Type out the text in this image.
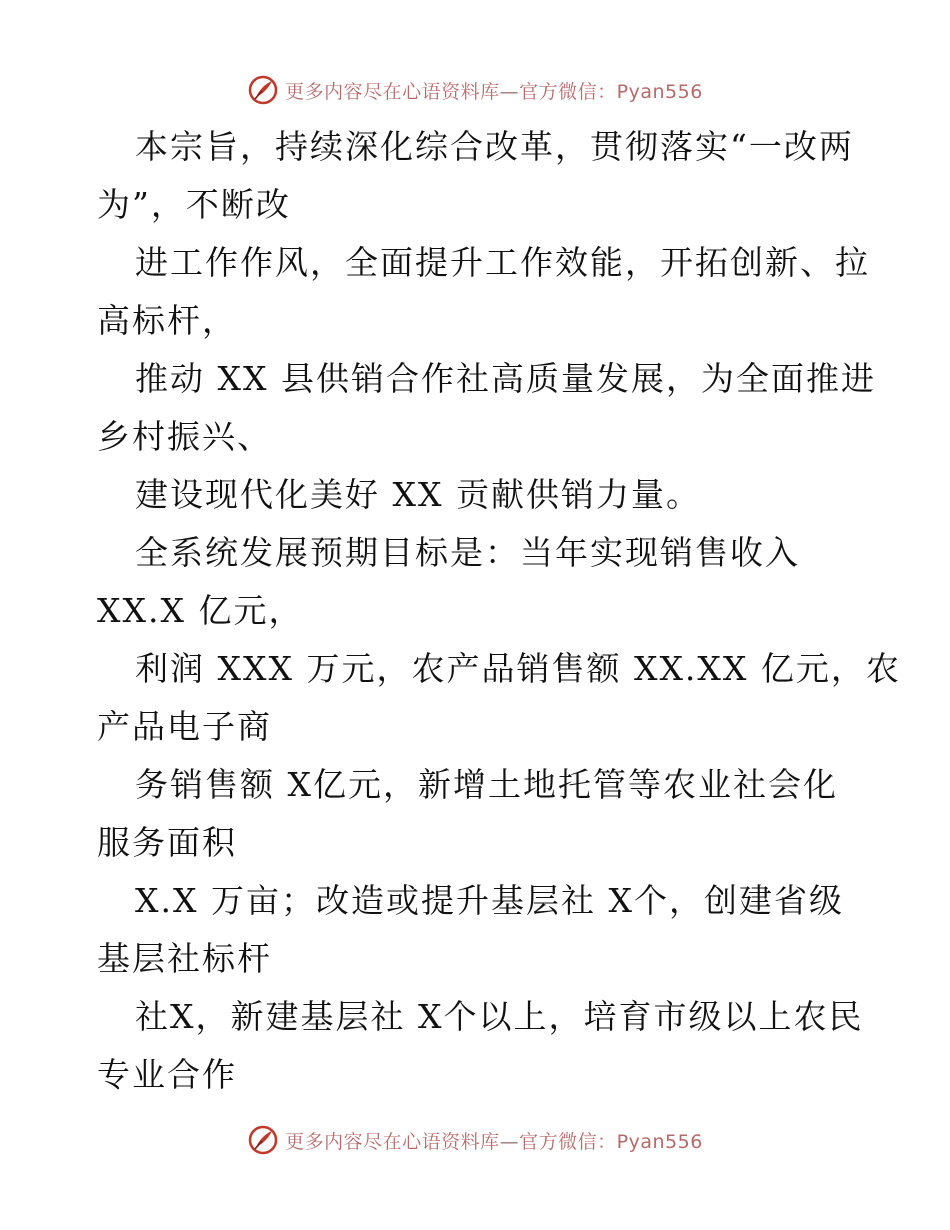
更多内容尽在心语资料库—官方微信：Pyan556
本宗旨，持续深化综合改革，贯彻落实“一改两
为”，不断改
进工作作风，全面提升工作效能，开拓创新、拉
高标杆，
推动 XX 县供销合作社高质量发展，为全面推进
乡村振兴、
建设现代化美好 XX 贡献供销力量。
全系统发展预期目标是：当年实现销售收入
XX.X 亿元，
利润 XXX 万元，农产品销售额 XX.XX 亿元，农
产品电子商
务销售额 X亿元，新增土地托管等农业社会化
服务面积
X.X 万亩；改造或提升基层社 X个，创建省级
基层社标杆
社X，新建基层社 X个以上，培育市级以上农民
专业合作
更多内容尽在心语资料库—官方微信：Pyan556
